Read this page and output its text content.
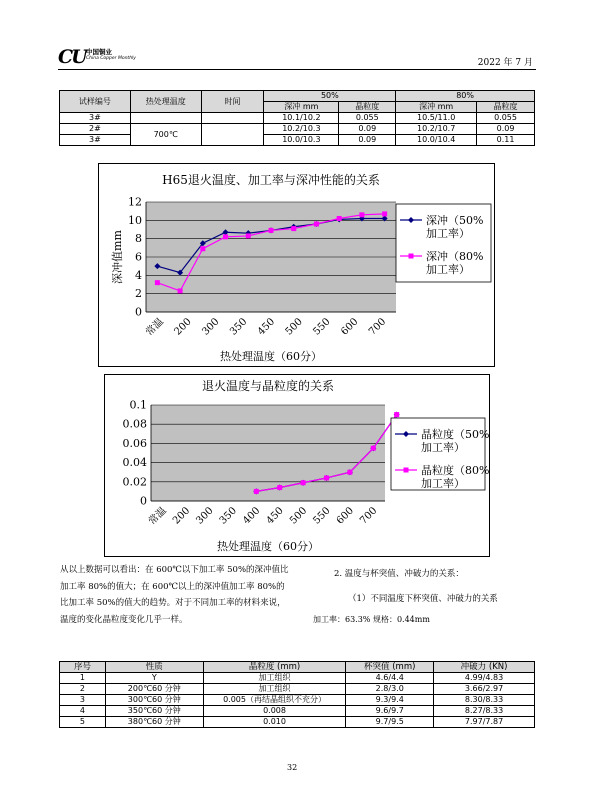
CU 中国铜业
China Copper Monthly	2022 年 7 月
试样编号	热处理温度	时间	50%		80%	
			深冲 mm	晶粒度	深冲 mm	晶粒度
3#			10.1/10.2	0.055	10.5/11.0	0.055
2#	700℃		10.2/10.3	0.09	10.2/10.7	0.09
3#			10.0/10.3	0.09	10.0/10.4	0.11
0
2
4
6
8
10
12
常温 200 300 350 450 500 550 600 700
H65退火温度、加工率与深冲性能的关系
热处理温度（60分）
深冲值mm
深冲（50%
加工率）
深冲（80%
加工率）
0
0.02
0.04
0.06
0.08
0.1
常温 200 300 350 400 450 500 550 600 700
退火温度与晶粒度的关系
热处理温度（60分）
晶粒度（50%
加工率）
晶粒度（80%
加工率）
从以上数据可以看出：在 600℃以下加工率 50%的深冲值比加工率 80%的值大；在 600℃以上的深冲值加工率 80%的比加工率 50%的值大的趋势。对于不同加工率的材料来说，温度的变化晶粒度变化几乎一样。
2. 温度与杯突值、冲破力的关系：
（1）不同温度下杯突值、冲破力的关系
加工率：63.3% 规格：0.44mm
序号	性质	晶粒度 (mm)	杯突值 (mm)	冲破力 (KN)
1	Y	加工组织	4.6/4.4	4.99/4.83
2	200℃60 分钟	加工组织	2.8/3.0	3.66/2.97
3	300℃60 分钟	0.005（再结晶组织不充分）	9.3/9.4	8.30/8.33
4	350℃60 分钟	0.008	9.6/9.7	8.27/8.33
5	380℃60 分钟	0.010	9.7/9.5	7.97/7.87
32
